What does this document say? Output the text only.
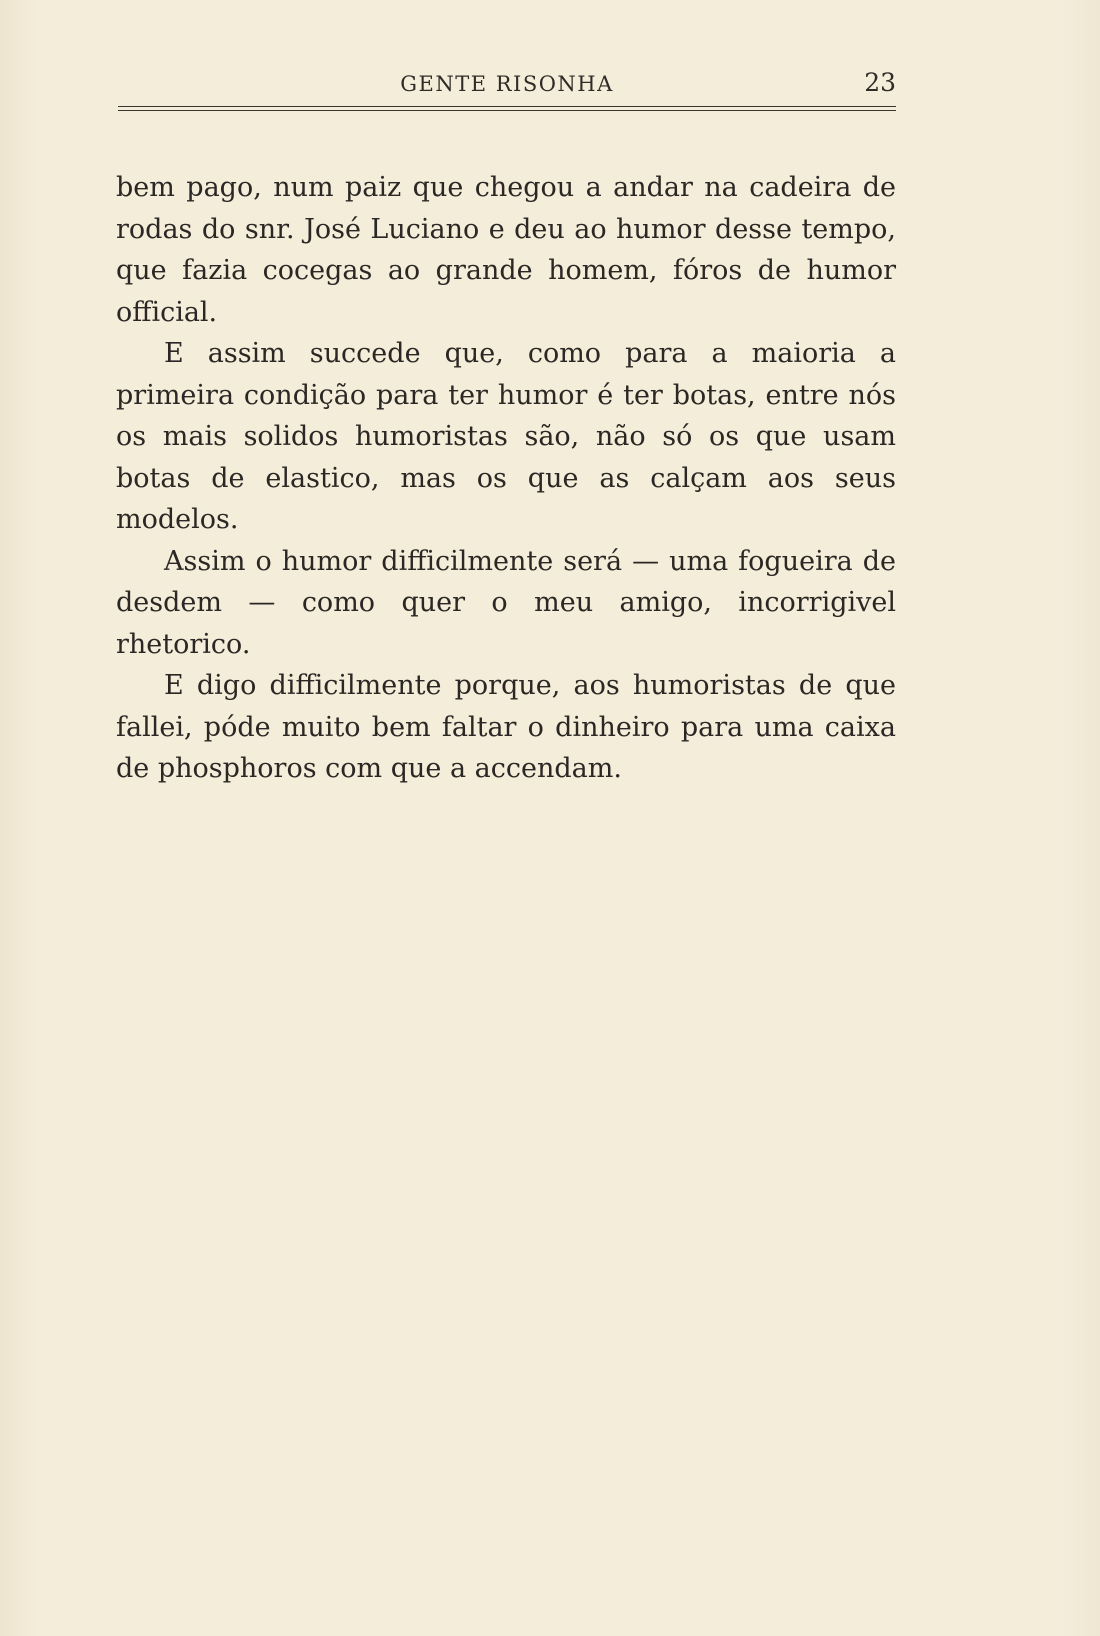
GENTE RISONHA	23

bem pago, num paiz que chegou a andar na cadeira de rodas do snr. José Luciano e deu ao humor desse tempo, que fazia cocegas ao grande homem, fóros de humor official.

E assim succede que, como para a maioria a primeira condição para ter humor é ter botas, entre nós os mais solidos humoristas são, não só os que usam botas de elastico, mas os que as calçam aos seus modelos.

Assim o humor difficilmente será — uma fogueira de desdem — como quer o meu amigo, incorrigivel rhetorico.

E digo difficilmente porque, aos humoristas de que fallei, póde muito bem faltar o dinheiro para uma caixa de phosphoros com que a accendam.
